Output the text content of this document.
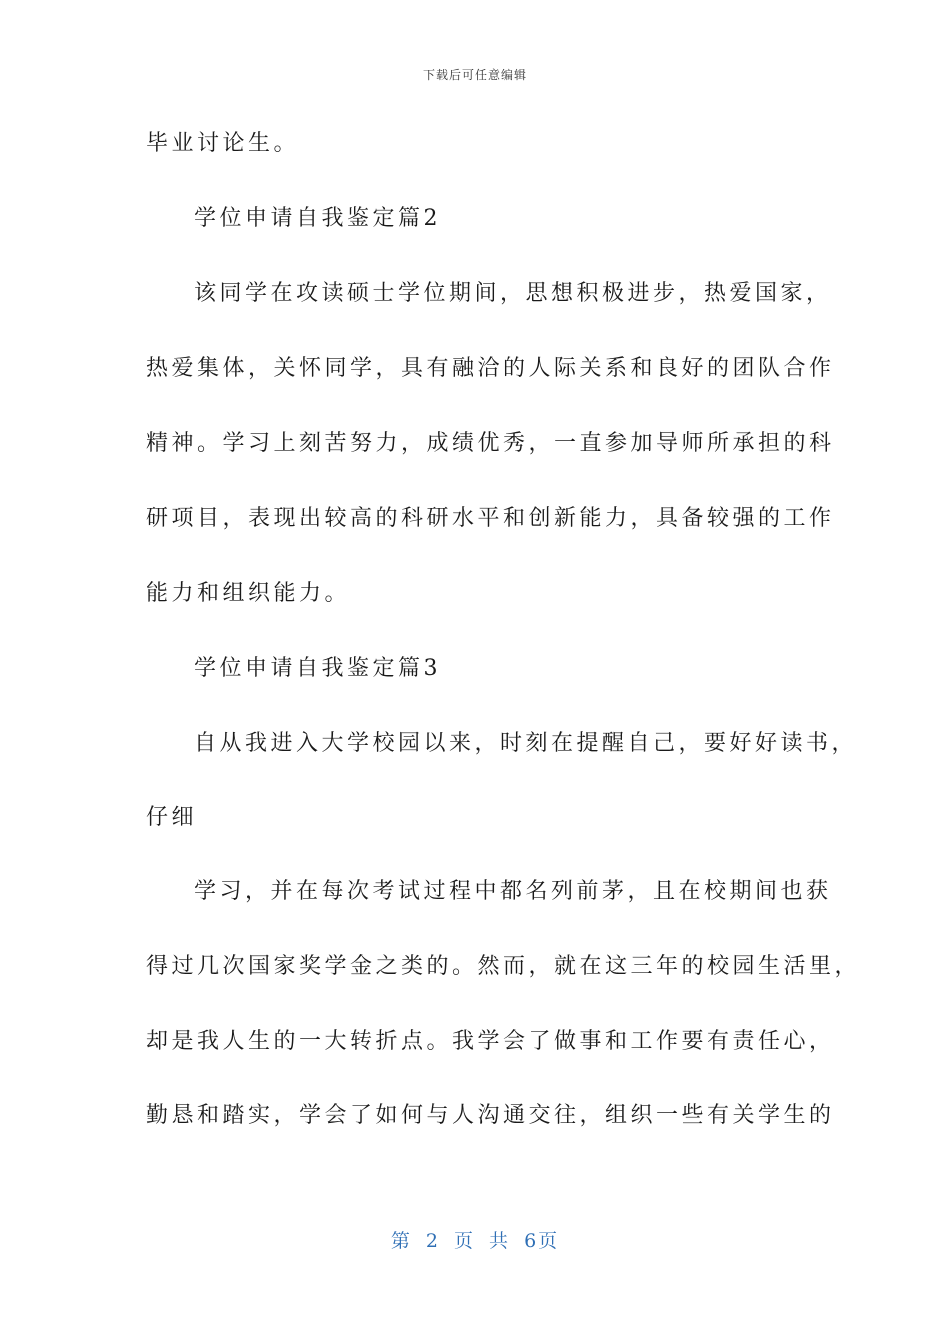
下载后可任意编辑
毕业讨论生。
学位申请自我鉴定篇2
该同学在攻读硕士学位期间，思想积极进步，热爱国家，
热爱集体，关怀同学，具有融洽的人际关系和良好的团队合作
精神。学习上刻苦努力，成绩优秀，一直参加导师所承担的科
研项目，表现出较高的科研水平和创新能力，具备较强的工作
能力和组织能力。
学位申请自我鉴定篇3
自从我进入大学校园以来，时刻在提醒自己，要好好读书，
仔细
学习，并在每次考试过程中都名列前茅，且在校期间也获
得过几次国家奖学金之类的。然而，就在这三年的校园生活里，
却是我人生的一大转折点。我学会了做事和工作要有责任心，
勤恳和踏实，学会了如何与人沟通交往，组织一些有关学生的
第 2 页 共 6页
